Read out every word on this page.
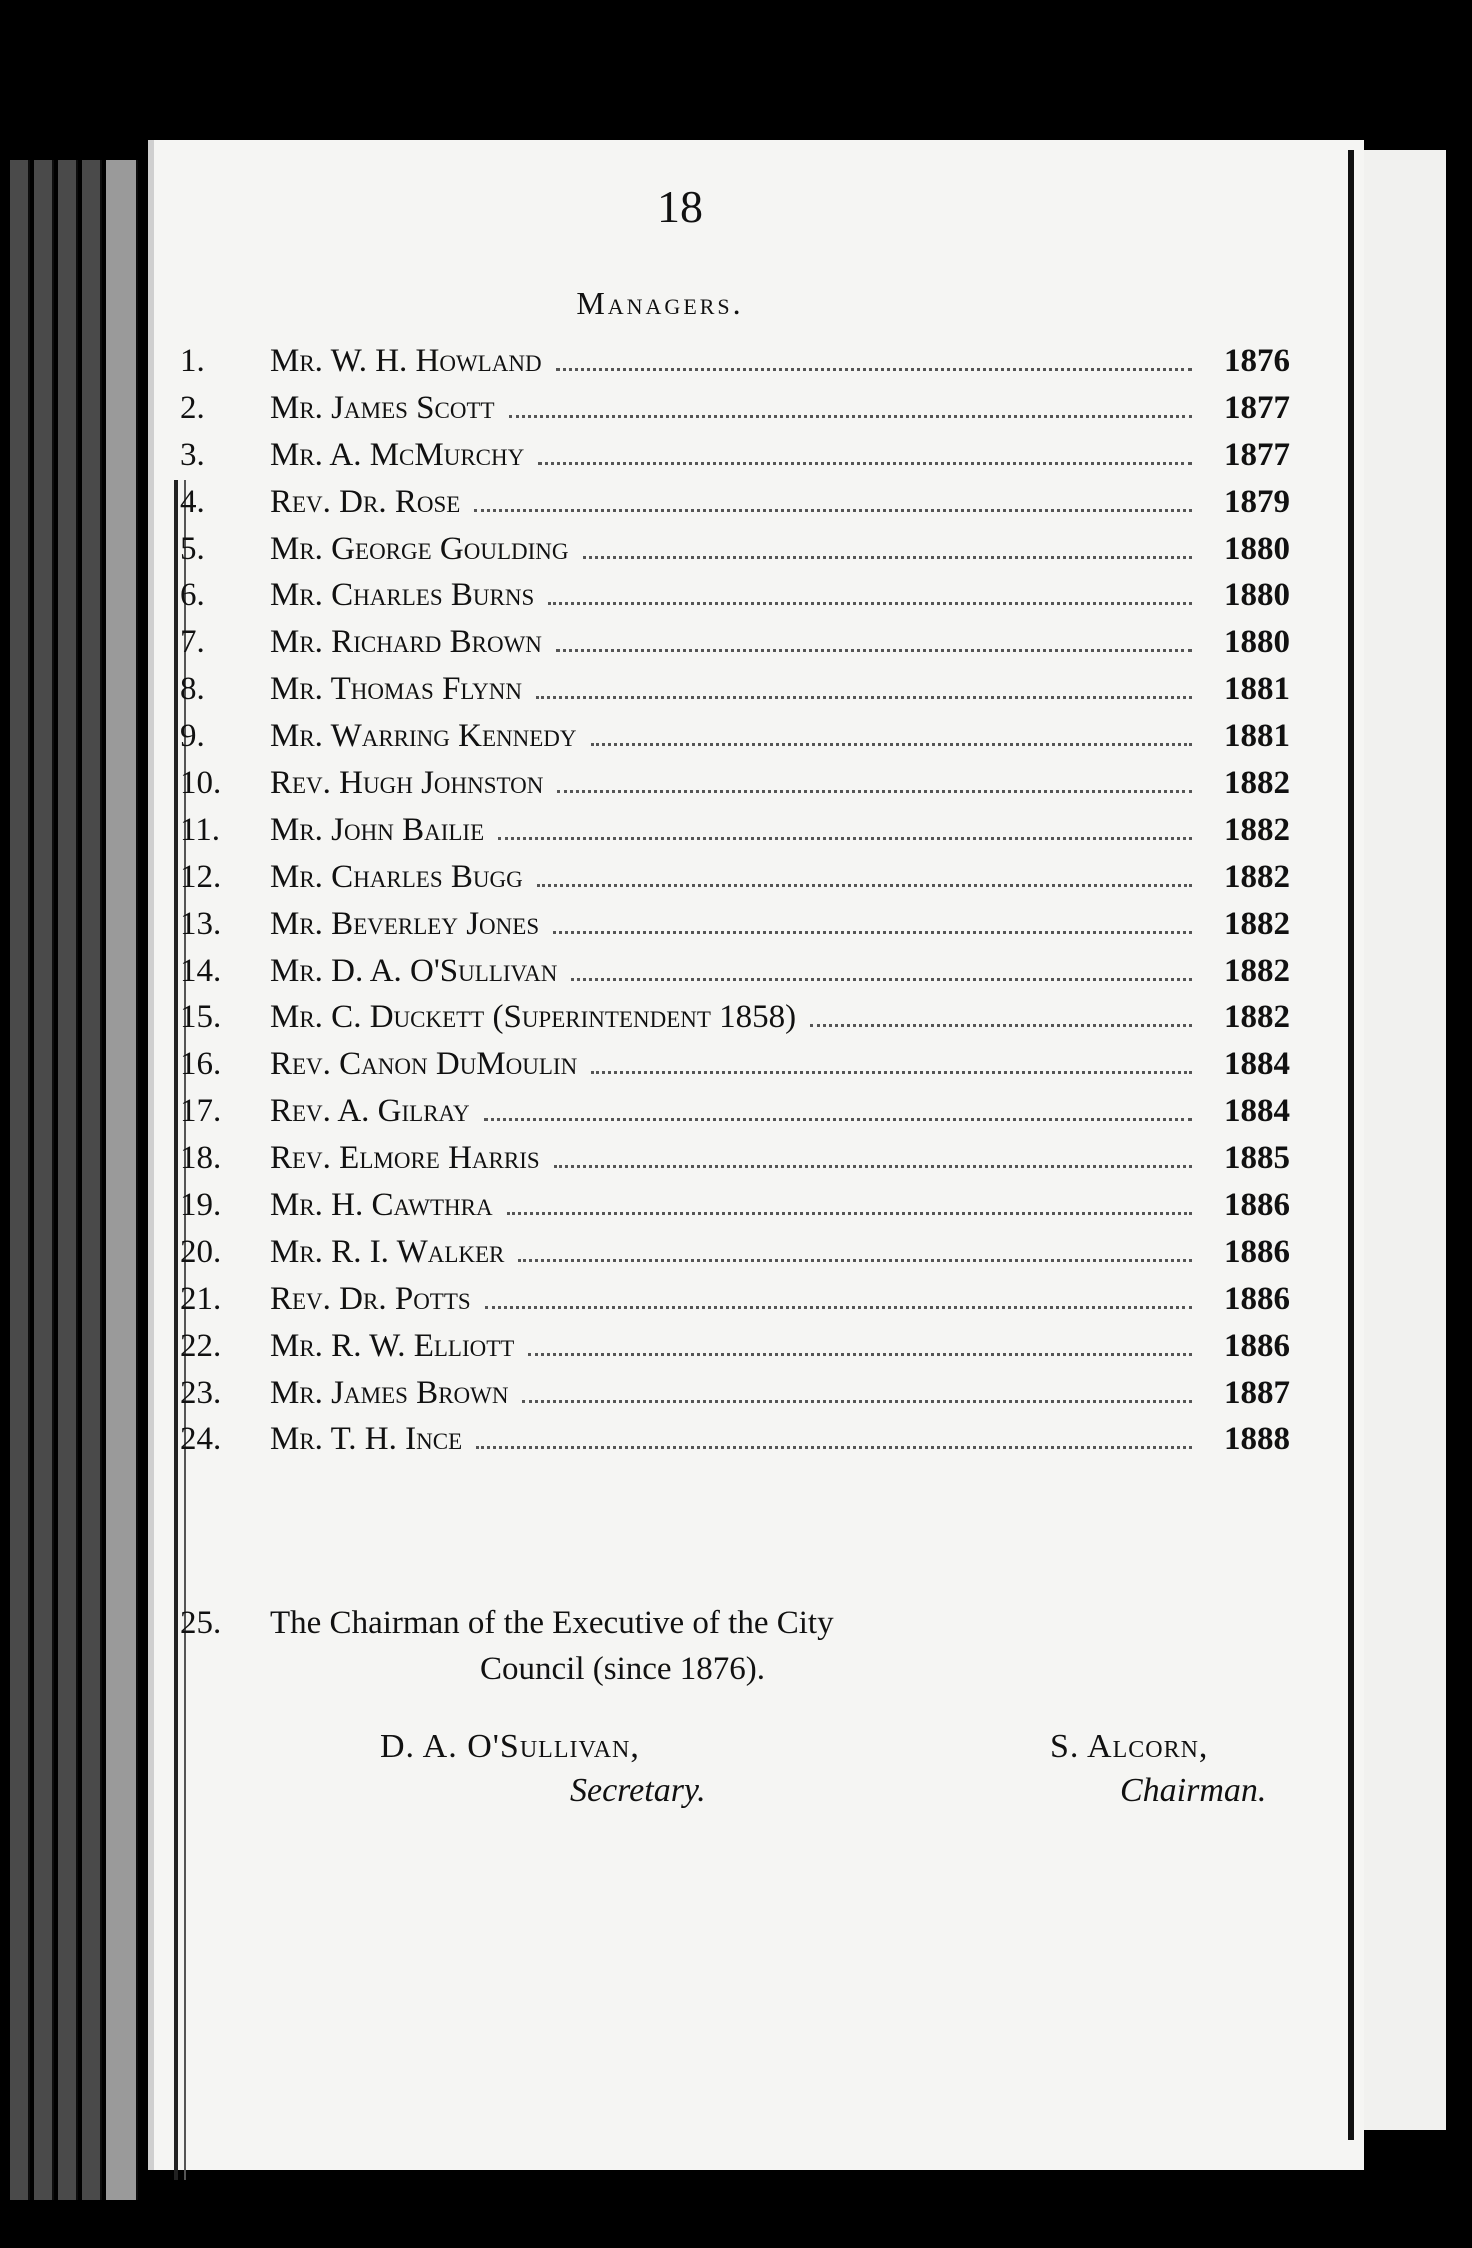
18
Managers.
1.	Mr. W. H. Howland	1876
2.	Mr. James Scott	1877
3.	Mr. A. McMurchy	1877
4.	Rev. Dr. Rose	1879
5.	Mr. George Goulding	1880
6.	Mr. Charles Burns	1880
7.	Mr. Richard Brown	1880
8.	Mr. Thomas Flynn	1881
9.	Mr. Warring Kennedy	1881
10.	Rev. Hugh Johnston	1882
11.	Mr. John Bailie	1882
12.	Mr. Charles Bugg	1882
13.	Mr. Beverley Jones	1882
14.	Mr. D. A. O'Sullivan	1882
15.	Mr. C. Duckett (Superintendent 1858)	1882
16.	Rev. Canon DuMoulin	1884
17.	Rev. A. Gilray	1884
18.	Rev. Elmore Harris	1885
19.	Mr. H. Cawthra	1886
20.	Mr. R. I. Walker	1886
21.	Rev. Dr. Potts	1886
22.	Mr. R. W. Elliott	1886
23.	Mr. James Brown	1887
24.	Mr. T. H. Ince	1888
25. The Chairman of the Executive of the City
Council (since 1876).
D. A. O'Sullivan,
Secretary.
S. Alcorn,
Chairman.
